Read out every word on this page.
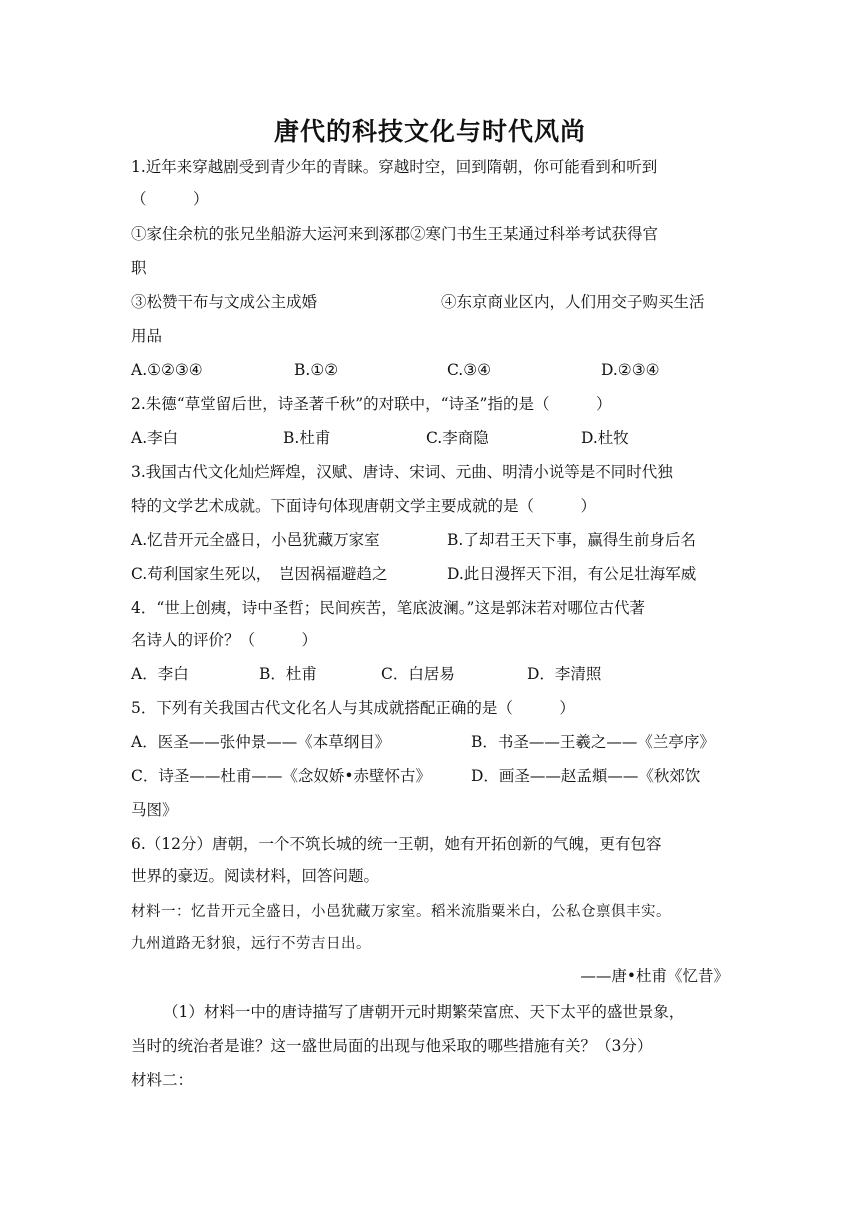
唐代的科技文化与时代风尚
1.近年来穿越剧受到青少年的青睐。穿越时空，回到隋朝，你可能看到和听到
（　　　）
①家住余杭的张兄坐船游大运河来到涿郡②寒门书生王某通过科举考试获得官
职
③松赞干布与文成公主成婚	④东京商业区内，人们用交子购买生活
用品
A.①②③④	B.①②	C.③④	D.②③④
2.朱德“草堂留后世，诗圣著千秋”的对联中，“诗圣”指的是（　　　）
A.李白	B.杜甫	C.李商隐	D.杜牧
3.我国古代文化灿烂辉煌，汉赋、唐诗、宋词、元曲、明清小说等是不同时代独
特的文学艺术成就。下面诗句体现唐朝文学主要成就的是（　　　）
A.忆昔开元全盛日，小邑犹藏万家室	B.了却君王天下事，赢得生前身后名
C.苟利国家生死以，　岂因祸福避趋之	D.此日漫挥天下泪，有公足壮海军威
4．“世上创痍，诗中圣哲；民间疾苦，笔底波澜。”这是郭沫若对哪位古代著
名诗人的评价？（　　　）
A．李白	B．杜甫	C．白居易	D．李清照
5．下列有关我国古代文化名人与其成就搭配正确的是（　　　）
A．医圣——张仲景——《本草纲目》	B．书圣——王羲之——《兰亭序》
C．诗圣——杜甫——《念奴娇•赤壁怀古》	D．画圣——赵孟頫——《秋郊饮
马图》
6.（12分）唐朝，一个不筑长城的统一王朝，她有开拓创新的气魄，更有包容
世界的豪迈。阅读材料，回答问题。
材料一：忆昔开元全盛日，小邑犹藏万家室。稻米流脂粟米白，公私仓禀俱丰实。
九州道路无豺狼，远行不劳吉日出。
——唐•杜甫《忆昔》
（1）材料一中的唐诗描写了唐朝开元时期繁荣富庶、天下太平的盛世景象，
当时的统治者是谁？这一盛世局面的出现与他采取的哪些措施有关？（3分）
材料二：
